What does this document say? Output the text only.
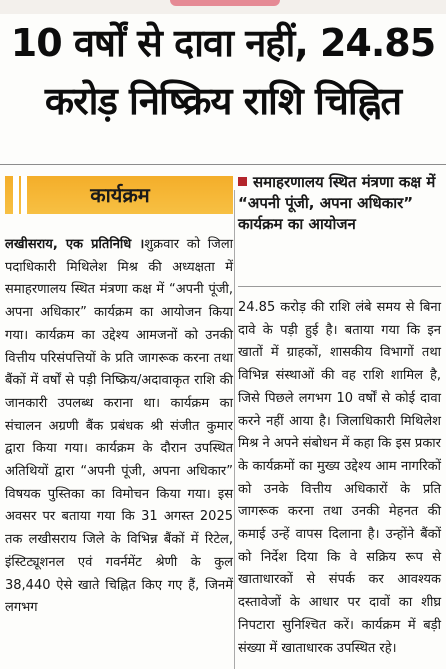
10 वर्षों से दावा नहीं, 24.85 करोड़ निष्क्रिय राशि चिह्नित
कार्यक्रम

लखीसराय, एक प्रतिनिधि ।शुक्रवार को जिला पदाधिकारी मिथिलेश मिश्र की अध्यक्षता में समाहरणालय स्थित मंत्रणा कक्ष में “अपनी पूंजी, अपना अधिकार” कार्यक्रम का आयोजन किया गया। कार्यक्रम का उद्देश्य आमजनों को उनकी वित्तीय परिसंपत्तियों के प्रति जागरूक करना तथा बैंकों में वर्षों से पड़ी निष्क्रिय/अदावाकृत राशि की जानकारी उपलब्ध कराना था। कार्यक्रम का संचालन अग्रणी बैंक प्रबंधक श्री संजीत कुमार द्वारा किया गया। कार्यक्रम के दौरान उपस्थित अतिथियों द्वारा “अपनी पूंजी, अपना अधिकार” विषयक पुस्तिका का विमोचन किया गया। इस अवसर पर बताया गया कि 31 अगस्त 2025 तक लखीसराय जिले के विभिन्न बैंकों में रिटेल, इंस्टिट्यूशनल एवं गवर्नमेंट श्रेणी के कुल 38,440 ऐसे खाते चिह्नित किए गए हैं, जिनमें लगभग

समाहरणालय स्थित मंत्रणा कक्ष में “अपनी पूंजी, अपना अधिकार” कार्यक्रम का आयोजन

24.85 करोड़ की राशि लंबे समय से बिना दावे के पड़ी हुई है। बताया गया कि इन खातों में ग्राहकों, शासकीय विभागों तथा विभिन्न संस्थाओं की वह राशि शामिल है, जिसे पिछले लगभग 10 वर्षों से कोई दावा करने नहीं आया है। जिलाधिकारी मिथिलेश मिश्र ने अपने संबोधन में कहा कि इस प्रकार के कार्यक्रमों का मुख्य उद्देश्य आम नागरिकों को उनके वित्तीय अधिकारों के प्रति जागरूक करना तथा उनकी मेहनत की कमाई उन्हें वापस दिलाना है। उन्होंने बैंकों को निर्देश दिया कि वे सक्रिय रूप से खाताधारकों से संपर्क कर आवश्यक दस्तावेजों के आधार पर दावों का शीघ्र निपटारा सुनिश्चित करें। कार्यक्रम में बड़ी संख्या में खाताधारक उपस्थित रहे।
